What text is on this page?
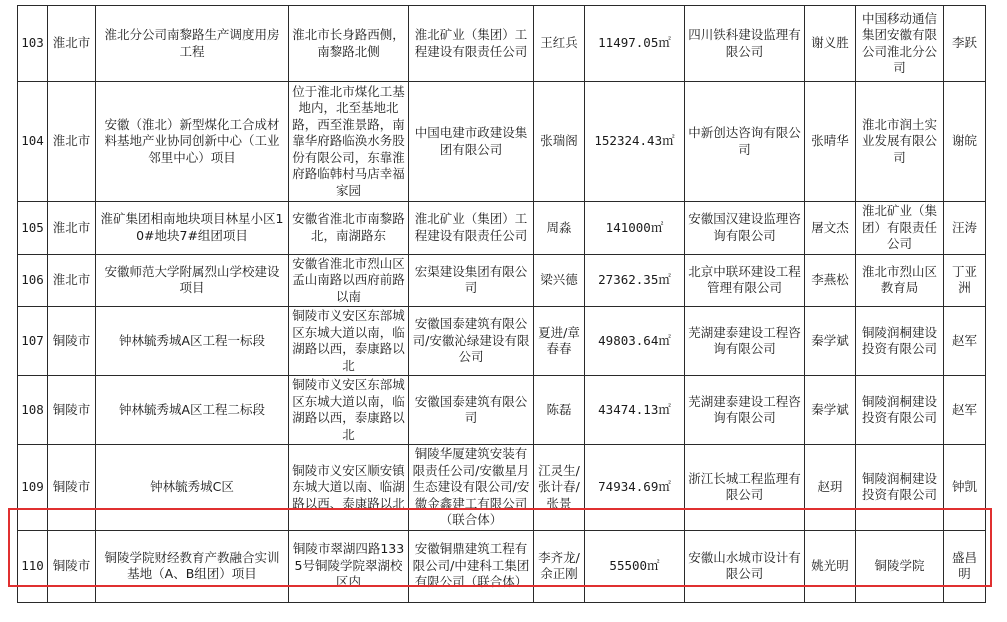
103	淮北市	淮北分公司南黎路生产调度用房工程	淮北市长身路西侧，南黎路北侧	淮北矿业（集团）工程建设有限责任公司	王红兵	11497.05㎡	四川铁科建设监理有限公司	谢义胜	中国移动通信集团安徽有限公司淮北分公司	李跃
104	淮北市	安徽（淮北）新型煤化工合成材料基地产业协同创新中心（工业邻里中心）项目	位于淮北市煤化工基地内，北至基地北路，西至淮景路，南靠华府路临涣水务股份有限公司，东靠淮府路临韩村马店幸福家园	中国电建市政建设集团有限公司	张瑞阁	152324.43㎡	中新创达咨询有限公司	张晴华	淮北市润土实业发展有限公司	谢皖
105	淮北市	淮矿集团相南地块项目林星小区10#地块7#组团项目	安徽省淮北市南黎路北，南湖路东	淮北矿业（集团）工程建设有限责任公司	周淼	141000㎡	安徽国汉建设监理咨询有限公司	屠文杰	淮北矿业（集团）有限责任公司	汪涛
106	淮北市	安徽师范大学附属烈山学校建设项目	安徽省淮北市烈山区孟山南路以西府前路以南	宏渠建设集团有限公司	梁兴德	27362.35㎡	北京中联环建设工程管理有限公司	李燕松	淮北市烈山区教育局	丁亚洲
107	铜陵市	钟林毓秀城A区工程一标段	铜陵市义安区东部城区东城大道以南，临湖路以西，泰康路以北	安徽国泰建筑有限公司/安徽沁绿建设有限公司	夏进/章春春	49803.64㎡	芜湖建泰建设工程咨询有限公司	秦学斌	铜陵润桐建设投资有限公司	赵军
108	铜陵市	钟林毓秀城A区工程二标段	铜陵市义安区东部城区东城大道以南，临湖路以西，泰康路以北	安徽国泰建筑有限公司	陈磊	43474.13㎡	芜湖建泰建设工程咨询有限公司	秦学斌	铜陵润桐建设投资有限公司	赵军
109	铜陵市	钟林毓秀城C区	铜陵市义安区顺安镇东城大道以南、临湖路以西、泰康路以北	铜陵华厦建筑安装有限责任公司/安徽星月生态建设有限公司/安徽金鑫建工有限公司（联合体）	江灵生/张计春/张景	74934.69㎡	浙江长城工程监理有限公司	赵玥	铜陵润桐建设投资有限公司	钟凯
110	铜陵市	铜陵学院财经教育产教融合实训基地（A、B组团）项目	铜陵市翠湖四路1335号铜陵学院翠湖校区内	安徽铜鼎建筑工程有限公司/中建科工集团有限公司（联合体）	李齐龙/余正刚	55500㎡	安徽山水城市设计有限公司	姚光明	铜陵学院	盛昌明
